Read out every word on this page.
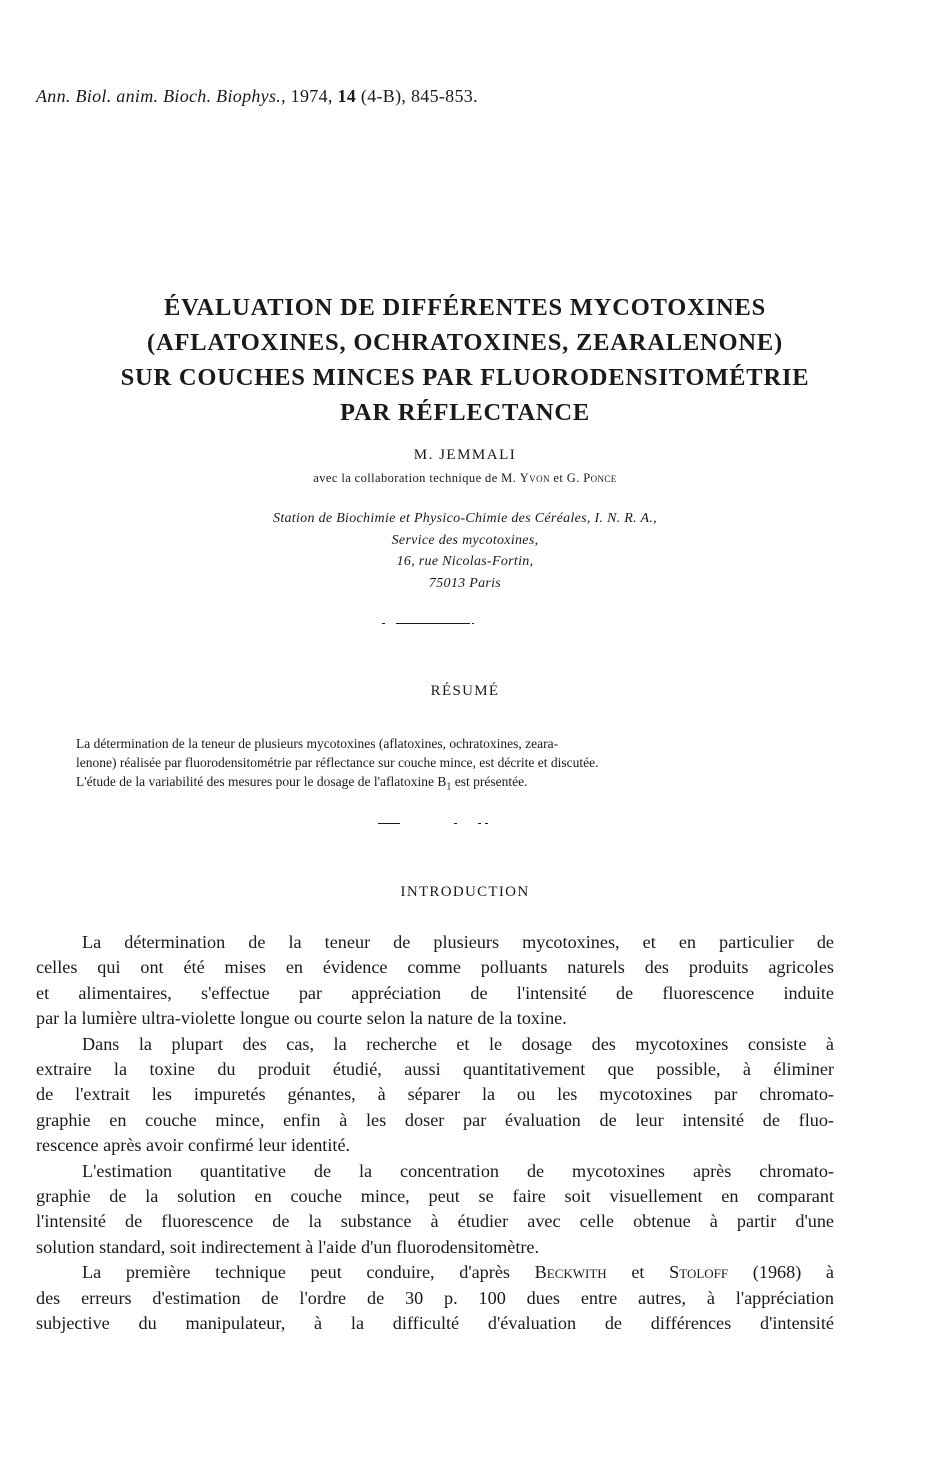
Ann. Biol. anim. Bioch. Biophys., 1974, 14 (4-B), 845-853.
ÉVALUATION DE DIFFÉRENTES MYCOTOXINES
(AFLATOXINES, OCHRATOXINES, ZEARALENONE)
SUR COUCHES MINCES PAR FLUORODENSITOMÉTRIE
PAR RÉFLECTANCE
M. JEMMALI
avec la collaboration technique de M. Yvon et G. Ponce
Station de Biochimie et Physico-Chimie des Céréales, I. N. R. A.,
Service des mycotoxines,
16, rue Nicolas-Fortin,
75013 Paris
RÉSUMÉ
La détermination de la teneur de plusieurs mycotoxines (aflatoxines, ochratoxines, zeara-
lenone) réalisée par fluorodensitométrie par réflectance sur couche mince, est décrite et discutée.
L'étude de la variabilité des mesures pour le dosage de l'aflatoxine $B_1$ est présentée.
INTRODUCTION
La détermination de la teneur de plusieurs mycotoxines, et en particulier de
celles qui ont été mises en évidence comme polluants naturels des produits agricoles
et alimentaires, s'effectue par appréciation de l'intensité de fluorescence induite
par la lumière ultra-violette longue ou courte selon la nature de la toxine.
Dans la plupart des cas, la recherche et le dosage des mycotoxines consiste à
extraire la toxine du produit étudié, aussi quantitativement que possible, à éliminer
de l'extrait les impuretés génantes, à séparer la ou les mycotoxines par chromato-
graphie en couche mince, enfin à les doser par évaluation de leur intensité de fluo-
rescence après avoir confirmé leur identité.
L'estimation quantitative de la concentration de mycotoxines après chromato-
graphie de la solution en couche mince, peut se faire soit visuellement en comparant
l'intensité de fluorescence de la substance à étudier avec celle obtenue à partir d'une
solution standard, soit indirectement à l'aide d'un fluorodensitomètre.
La première technique peut conduire, d'après Beckwith et Stoloff (1968) à
des erreurs d'estimation de l'ordre de 30 p. 100 dues entre autres, à l'appréciation
subjective du manipulateur, à la difficulté d'évaluation de différences d'intensité
